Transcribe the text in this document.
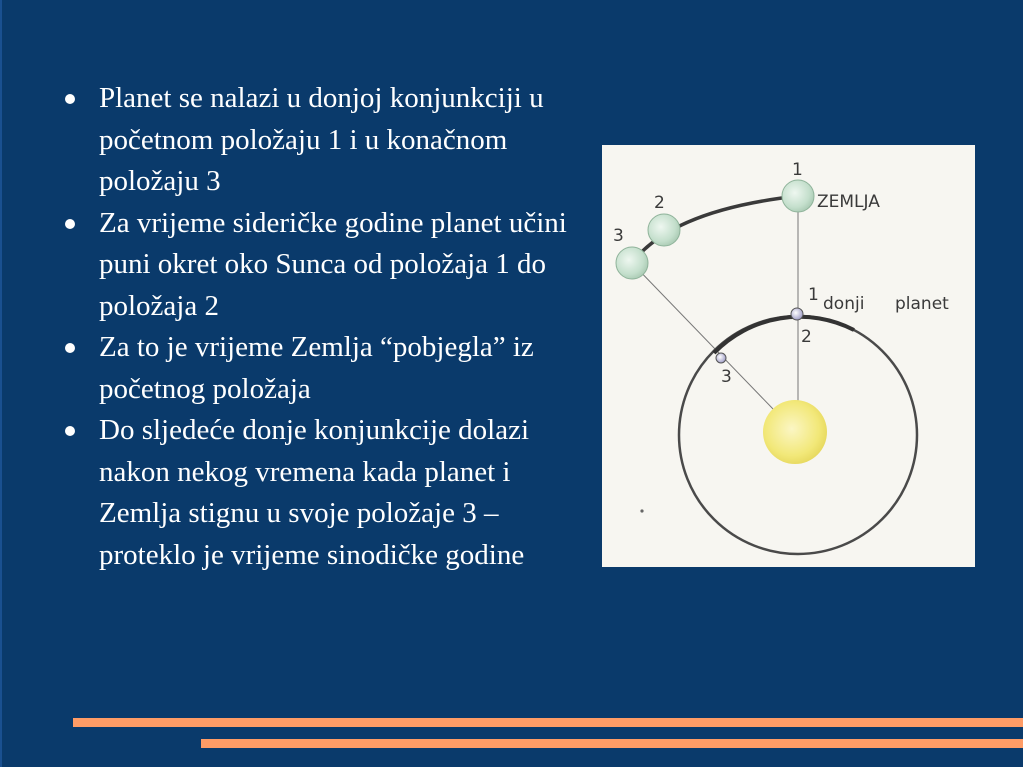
Planet se nalazi u donjoj konjunkciji u početnom položaju 1 i u konačnom položaju 3
Za vrijeme sideričke godine planet učini puni okret oko Sunca od položaja 1 do položaja 2
Za to je vrijeme Zemlja “pobjegla” iz početnog položaja
Do sljedeće donje konjunkcije dolazi nakon nekog vremena kada planet i Zemlja stignu u svoje položaje 3 – proteklo je vrijeme sinodičke godine
1
2
3
ZEMLJA
1
2
3
donji planet
